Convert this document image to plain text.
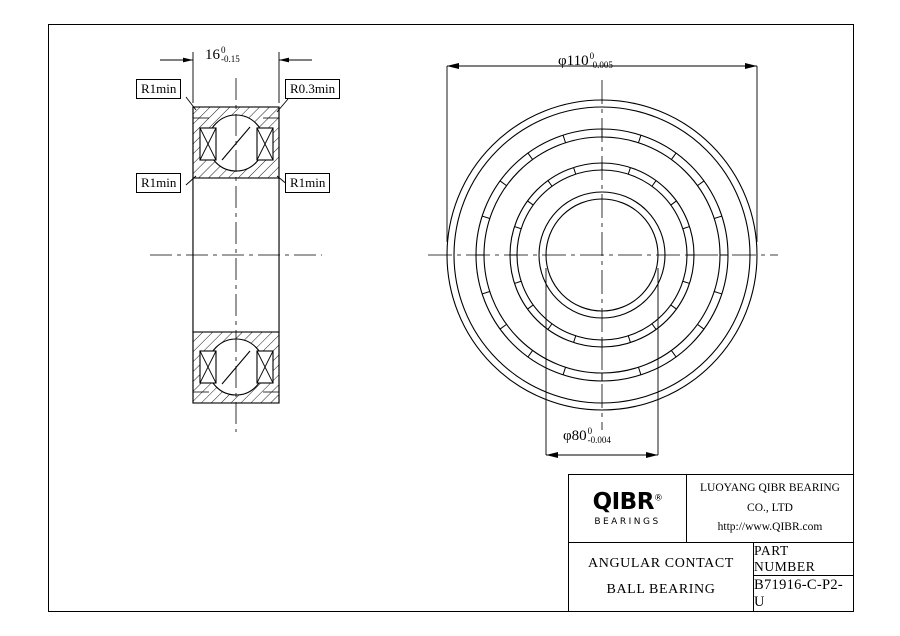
16 0
-0.15
R1min	R0.3min
R1min	R1min
φ110 0
-0.005
φ80 0
-0.004
QIBR®
BEARINGS
LUOYANG QIBR BEARING CO., LTD
http://www.QIBR.com
ANGULAR CONTACT
BALL BEARING
PART NUMBER
B71916-C-P2-U
